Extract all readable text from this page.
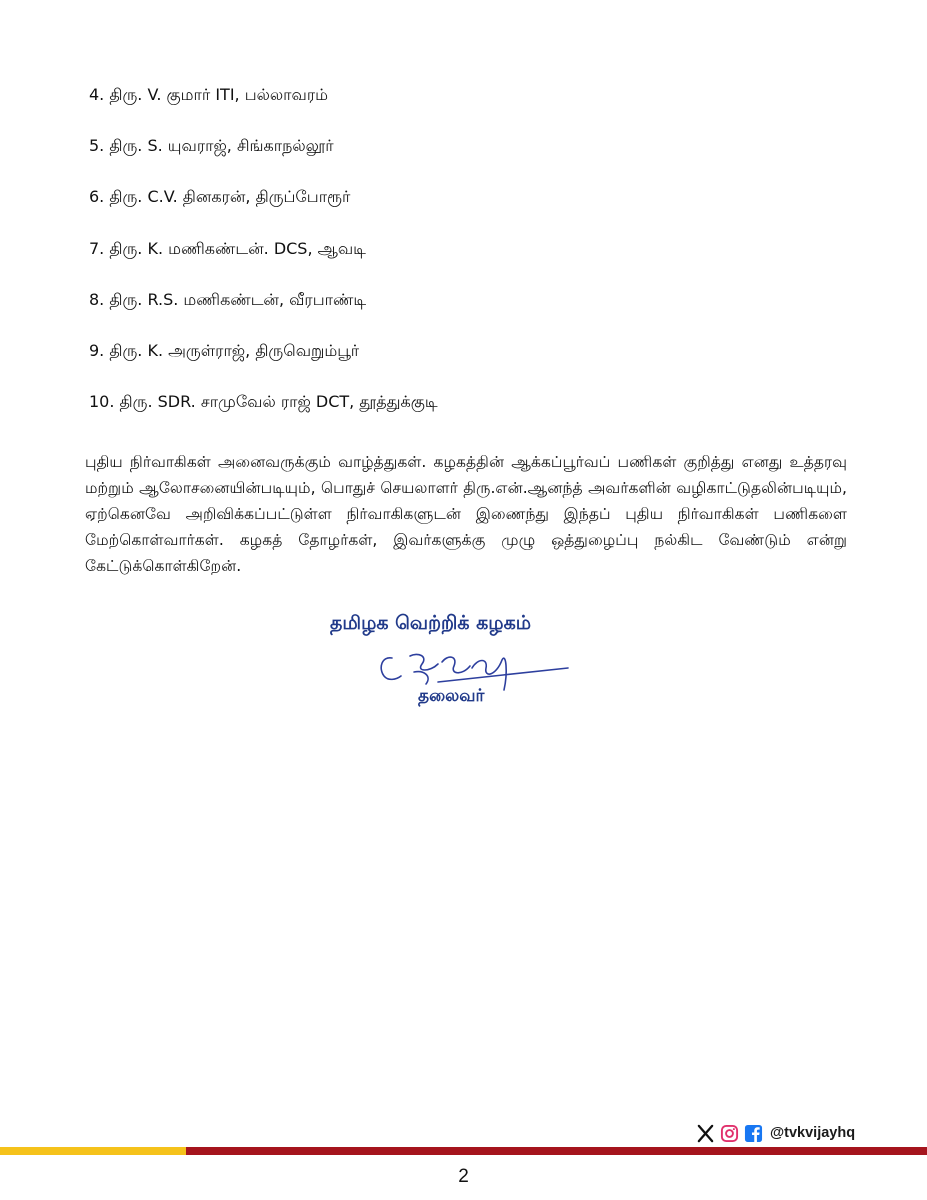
4. திரு. V. குமார் ITI, பல்லாவரம்
5. திரு. S. யுவராஜ், சிங்காநல்லூர்
6. திரு. C.V. தினகரன், திருப்போரூர்
7. திரு. K. மணிகண்டன். DCS, ஆவடி
8. திரு. R.S. மணிகண்டன், வீரபாண்டி
9. திரு. K. அருள்ராஜ், திருவெறும்பூர்
10. திரு. SDR. சாமுவேல் ராஜ் DCT, தூத்துக்குடி

புதிய நிர்வாகிகள் அனைவருக்கும் வாழ்த்துகள். கழகத்தின் ஆக்கப்பூர்வப் பணிகள் குறித்து எனது உத்தரவு மற்றும் ஆலோசனையின்படியும், பொதுச் செயலாளர் திரு.என்.ஆனந்த் அவர்களின் வழிகாட்டுதலின்படியும், ஏற்கெனவே அறிவிக்கப்பட்டுள்ள நிர்வாகிகளுடன் இணைந்து இந்தப் புதிய நிர்வாகிகள் பணிகளை மேற்கொள்வார்கள். கழகத் தோழர்கள், இவர்களுக்கு முழு ஒத்துழைப்பு நல்கிட வேண்டும் என்று கேட்டுக்கொள்கிறேன்.

தமிழக வெற்றிக் கழகம்
தலைவர்
@tvkvijayhq
2
